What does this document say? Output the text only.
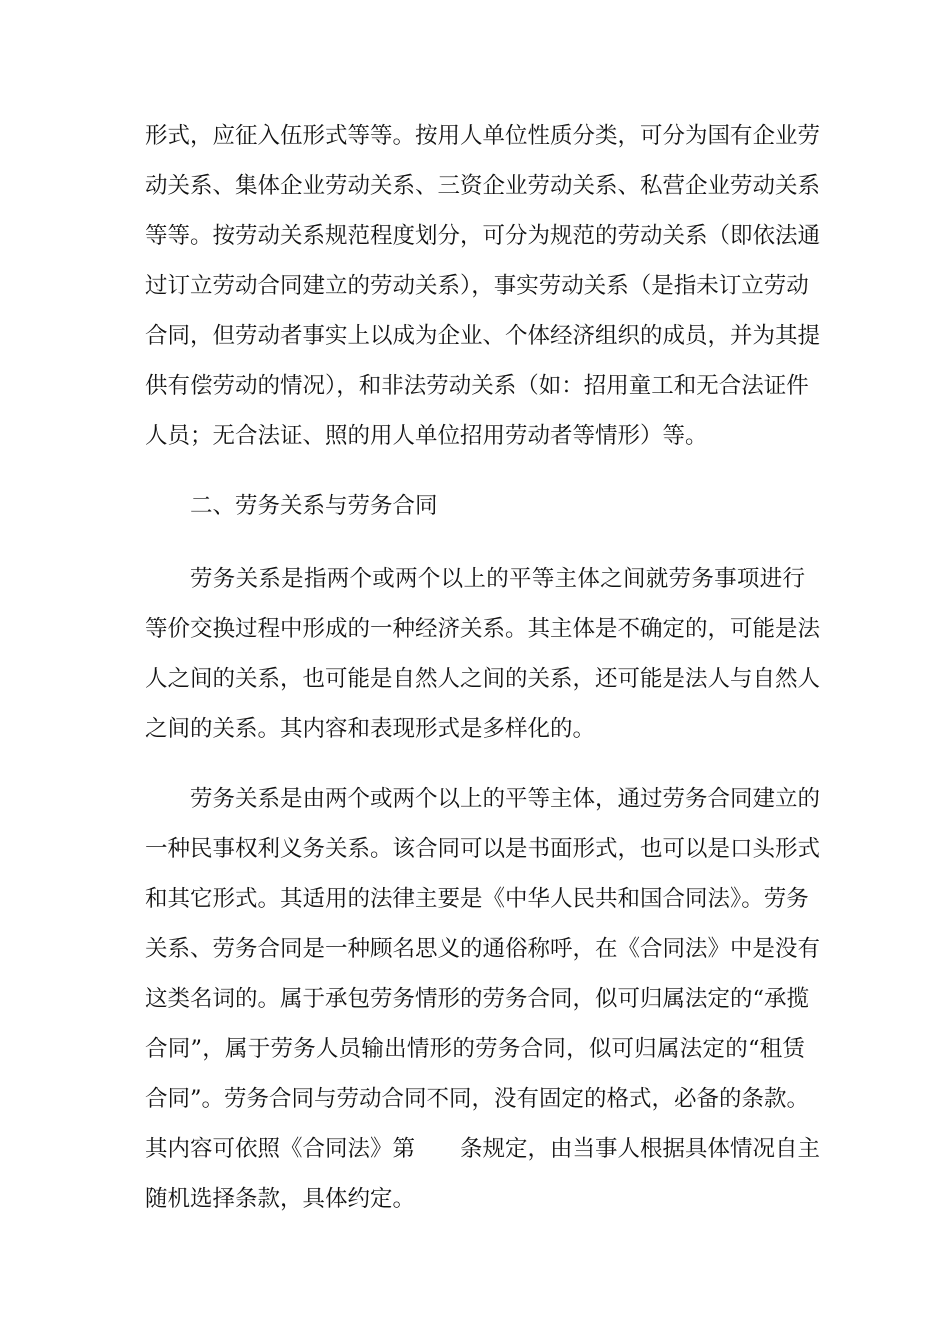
形式，应征入伍形式等等。按用人单位性质分类，可分为国有企业劳
动关系、集体企业劳动关系、三资企业劳动关系、私营企业劳动关系
等等。按劳动关系规范程度划分，可分为规范的劳动关系（即依法通
过订立劳动合同建立的劳动关系），事实劳动关系（是指未订立劳动
合同，但劳动者事实上以成为企业、个体经济组织的成员，并为其提
供有偿劳动的情况），和非法劳动关系（如：招用童工和无合法证件
人员；无合法证、照的用人单位招用劳动者等情形）等。
二、劳务关系与劳务合同
劳务关系是指两个或两个以上的平等主体之间就劳务事项进行
等价交换过程中形成的一种经济关系。其主体是不确定的，可能是法
人之间的关系，也可能是自然人之间的关系，还可能是法人与自然人
之间的关系。其内容和表现形式是多样化的。
劳务关系是由两个或两个以上的平等主体，通过劳务合同建立的
一种民事权利义务关系。该合同可以是书面形式，也可以是口头形式
和其它形式。其适用的法律主要是《中华人民共和国合同法》。劳务
关系、劳务合同是一种顾名思义的通俗称呼，在《合同法》中是没有
这类名词的。属于承包劳务情形的劳务合同，似可归属法定的“承揽
合同”，属于劳务人员输出情形的劳务合同，似可归属法定的“租赁
合同”。劳务合同与劳动合同不同，没有固定的格式，必备的条款。
其内容可依照《合同法》第　　条规定，由当事人根据具体情况自主
随机选择条款，具体约定。
